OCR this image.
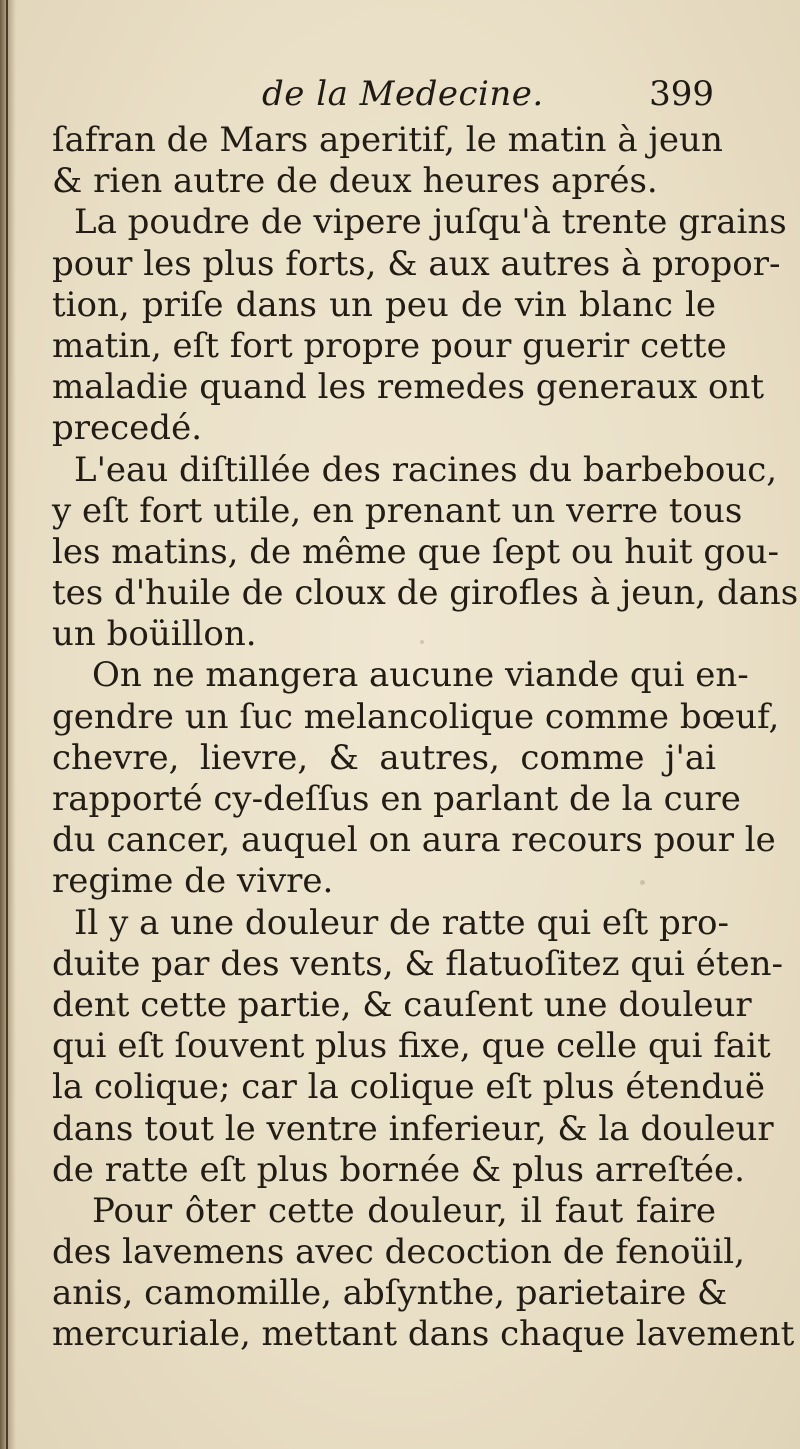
de la Medecine.	399
ſafran de Mars aperitif, le matin à jeun
& rien autre de deux heures aprés.
La poudre de vipere juſqu'à trente grains
pour les plus forts, & aux autres à propor-
tion, priſe dans un peu de vin blanc le
matin, eſt fort propre pour guerir cette
maladie quand les remedes generaux ont
precedé.
L'eau diſtillée des racines du barbebouc,
y eſt fort utile, en prenant un verre tous
les matins, de même que ſept ou huit gou-
tes d'huile de cloux de girofles à jeun, dans
un boüillon.
On ne mangera aucune viande qui en-
gendre un ſuc melancolique comme bœuf,
chevre, lievre, & autres, comme j'ai
rapporté cy-deſſus en parlant de la cure
du cancer, auquel on aura recours pour le
regime de vivre.
Il y a une douleur de ratte qui eſt pro-
duite par des vents, & flatuoſitez qui éten-
dent cette partie, & cauſent une douleur
qui eſt ſouvent plus fixe, que celle qui fait
la colique; car la colique eſt plus étenduë
dans tout le ventre inferieur, & la douleur
de ratte eſt plus bornée & plus arreſtée.
Pour ôter cette douleur, il faut faire
des lavemens avec decoction de fenoüil,
anis, camomille, abſynthe, parietaire &
mercuriale, mettant dans chaque lavement
